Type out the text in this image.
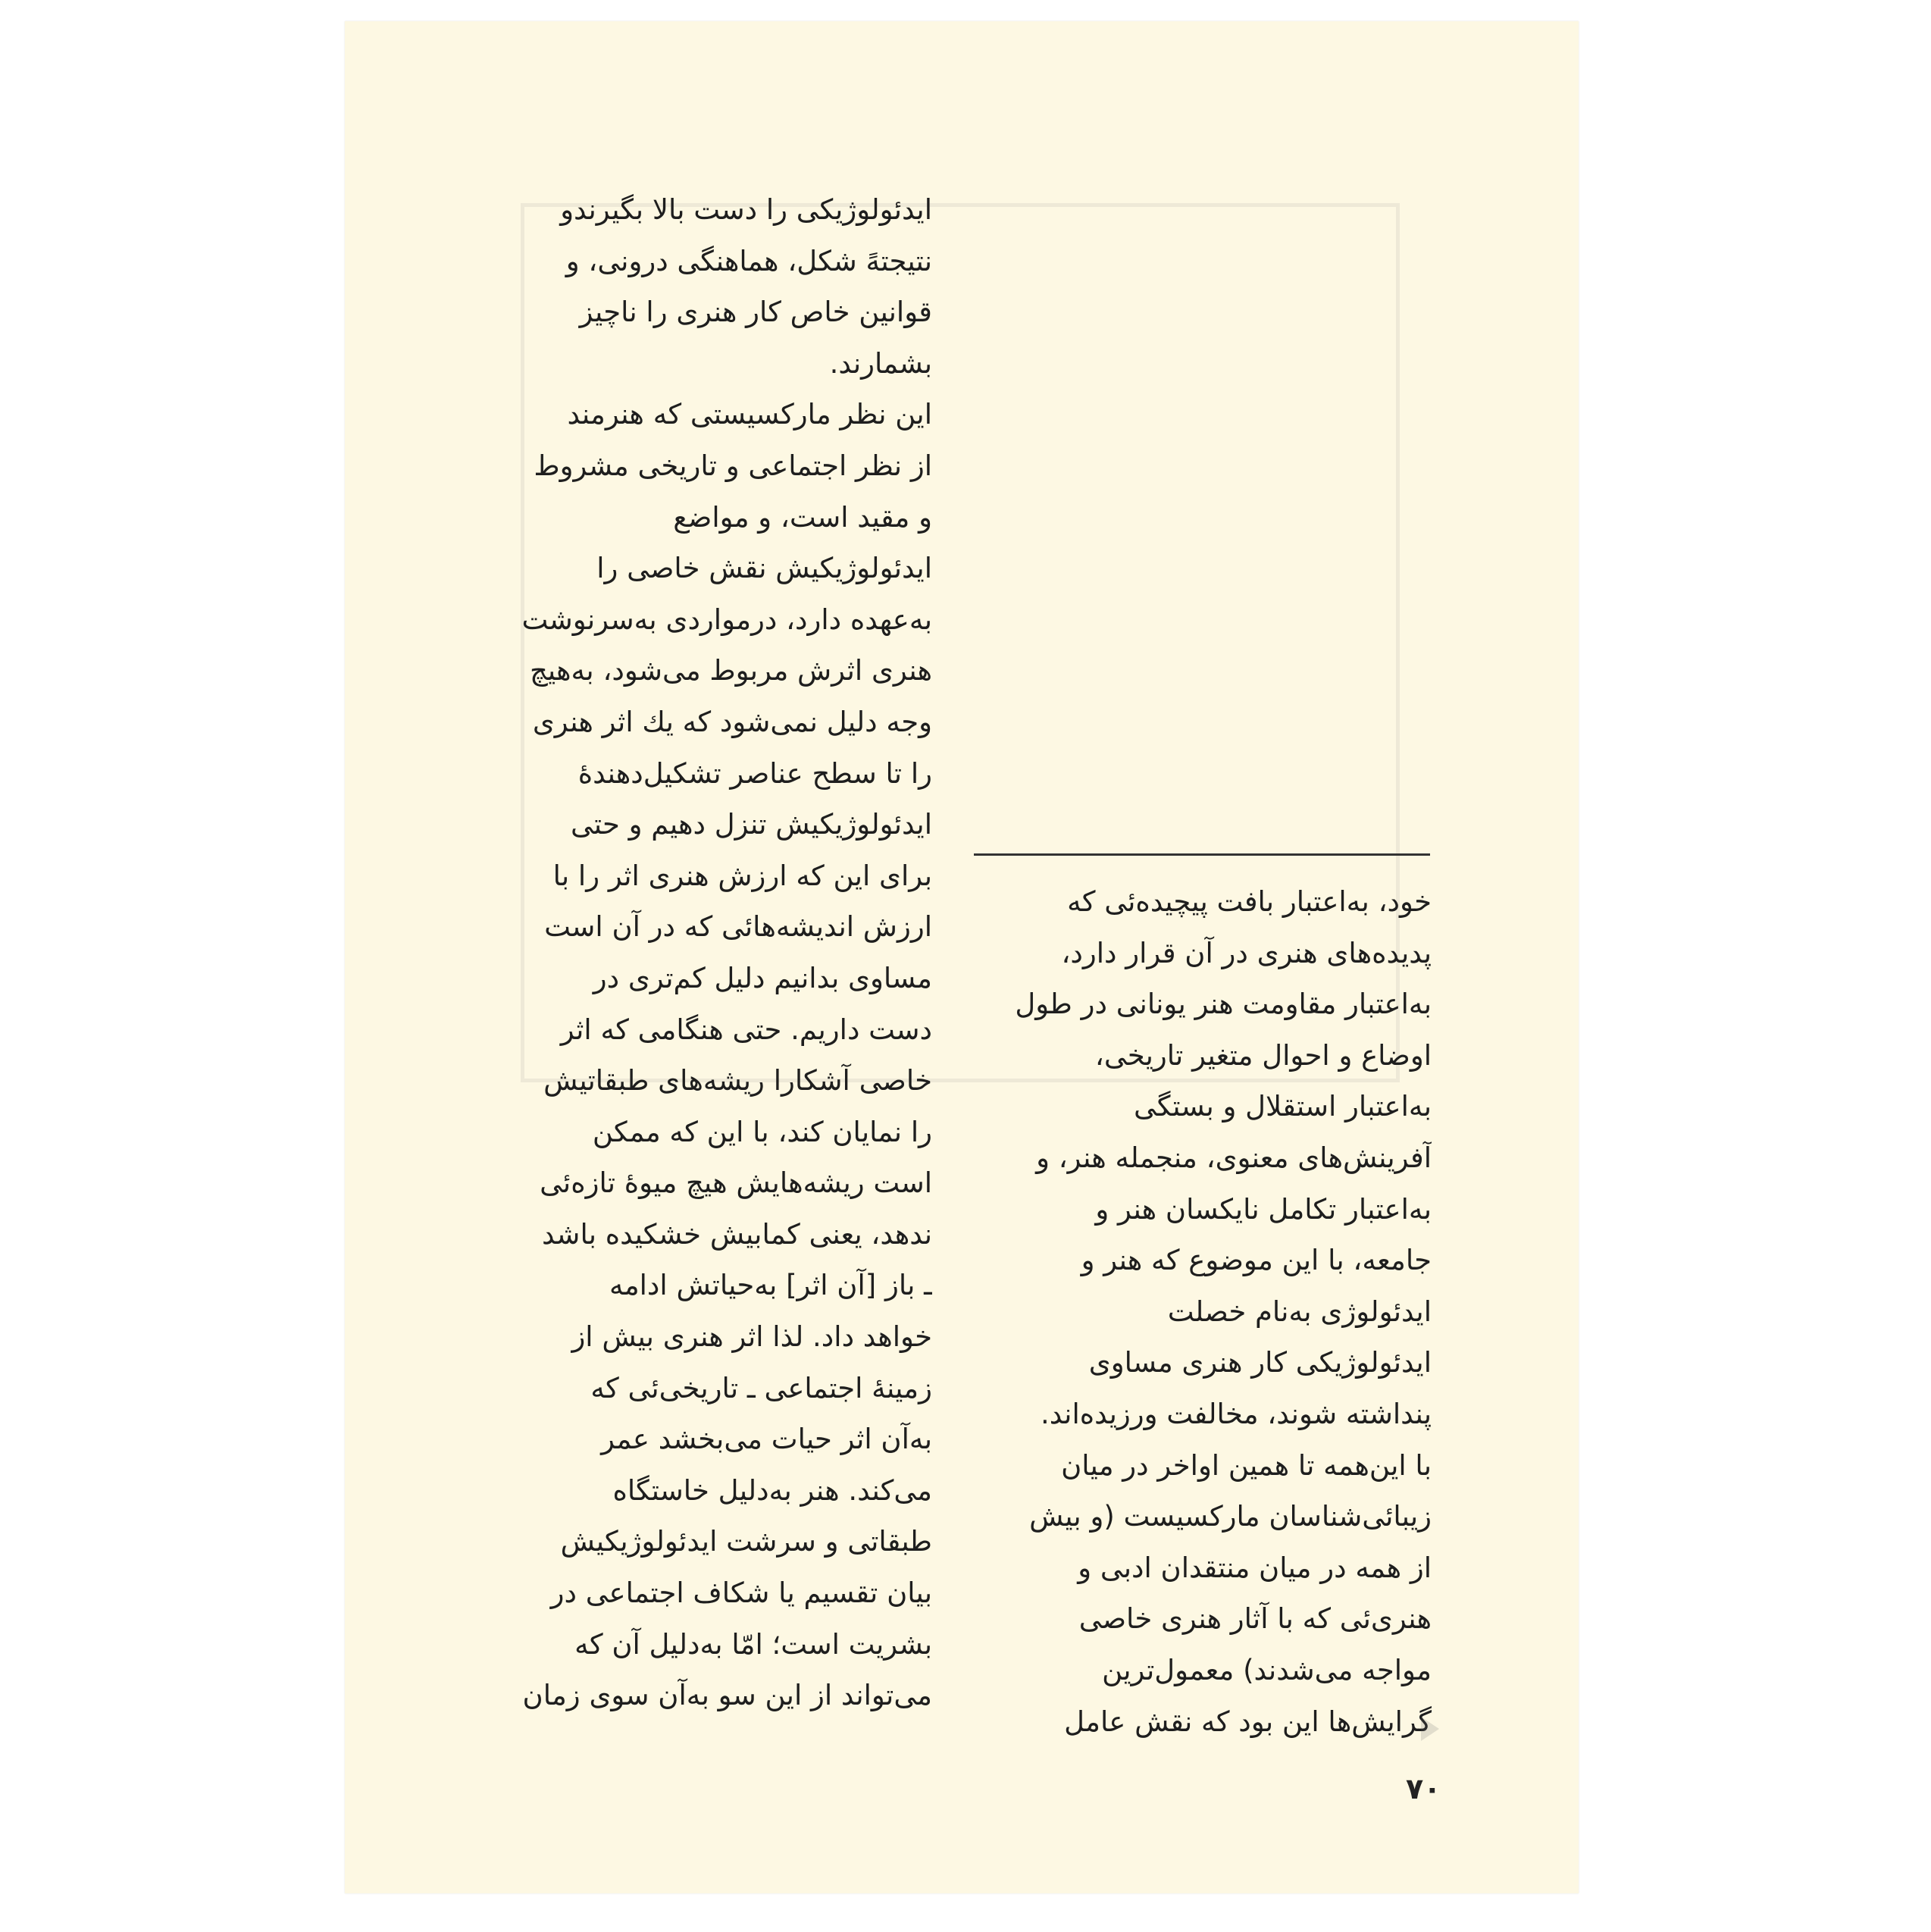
ایدئولوژیکی را دست بالا بگیرندو
نتیجتهً شکل، هماهنگی درونی، و
قوانین خاص کار هنری را ناچیز
بشمارند.
این نظر مارکسیستی که هنرمند
از نظر اجتماعی و تاریخی مشروط
و مقید است، و مواضع
ایدئولوژیکیش نقش خاصی را
به‌عهده دارد، درمواردی به‌سرنوشت
هنری اثرش مربوط می‌شود، به‌هیچ
وجه دلیل نمی‌شود که یك اثر هنری
را تا سطح عناصر تشکیل‌دهندهٔ
ایدئولوژیکیش تنزل دهیم و حتی
برای این که ارزش هنری اثر را با
ارزش اندیشه‌هائی که در آن است
مساوی بدانیم دلیل کم‌تری در
دست داریم. حتی هنگامی که اثر
خاصی آشکارا ریشه‌های طبقاتیش
را نمایان کند، با این که ممکن
است ریشه‌هایش هیچ میوهٔ تازه‌ئی
ندهد، یعنی کمابیش خشکیده باشد
ـ باز [آن اثر] به‌حیاتش ادامه
خواهد داد. لذا اثر هنری بیش از
زمینهٔ اجتماعی ـ تاریخی‌ئی که
به‌آن اثر حیات می‌بخشد عمر
می‌کند. هنر به‌دلیل خاستگاه
طبقاتی و سرشت ایدئولوژیکیش
بیان تقسیم یا شکاف اجتماعی در
بشریت است؛ امّا به‌دلیل آن که
می‌تواند از این سو به‌آن سوی زمان
خود، به‌اعتبار بافت پیچیده‌ئی که
پدیده‌های هنری در آن قرار دارد،
به‌اعتبار مقاومت هنر یونانی در طول
اوضاع و احوال متغیر تاریخی،
به‌اعتبار استقلال و بستگی
آفرینش‌های معنوی، منجمله هنر، و
به‌اعتبار تکامل نایکسان هنر و
جامعه، با این موضوع که هنر و
ایدئولوژی به‌نام خصلت
ایدئولوژیکی کار هنری مساوی
پنداشته شوند، مخالفت ورزیده‌اند.
با این‌همه تا همین اواخر در میان
زیبائی‌شناسان مارکسیست (و بیش
از همه در میان منتقدان ادبی و
هنری‌ئی که با آثار هنری خاصی
مواجه می‌شدند) معمول‌ترین
گرایش‌ها این بود که نقش عامل
۷۰
